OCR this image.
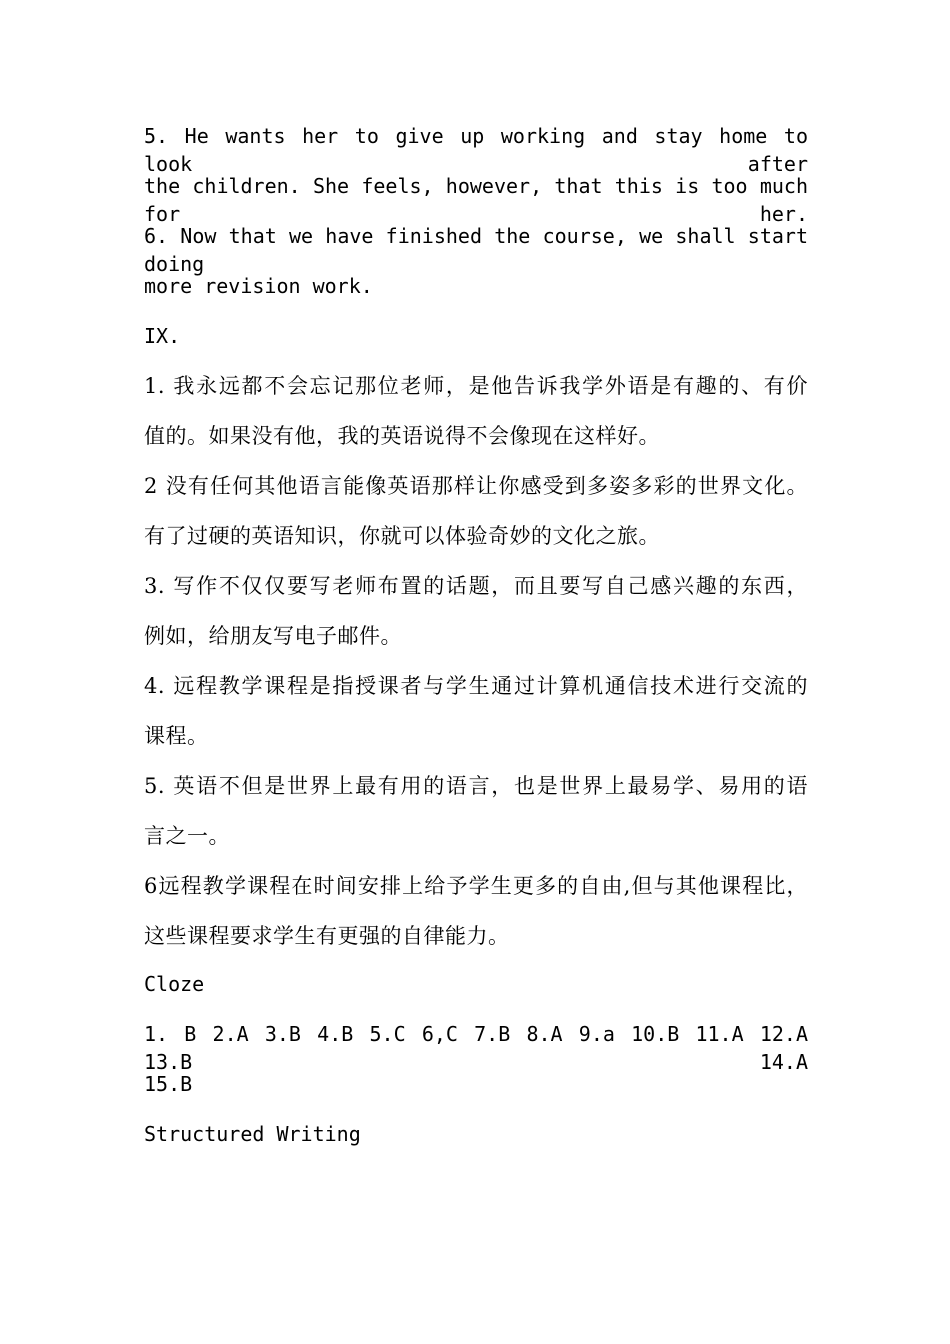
5. He wants her to give up working and stay home to look after
the children. She feels, however, that this is too much for her.
6. Now that we have finished the course, we shall start doing
more revision work.
IX.
1. 我永远都不会忘记那位老师，是他告诉我学外语是有趣的、有价
值的。如果没有他，我的英语说得不会像现在这样好。
2 没有任何其他语言能像英语那样让你感受到多姿多彩的世界文化。
有了过硬的英语知识，你就可以体验奇妙的文化之旅。
3. 写作不仅仅要写老师布置的话题，而且要写自己感兴趣的东西，
例如，给朋友写电子邮件。
4. 远程教学课程是指授课者与学生通过计算机通信技术进行交流的
课程。
5. 英语不但是世界上最有用的语言，也是世界上最易学、易用的语
言之一。
6远程教学课程在时间安排上给予学生更多的自由,但与其他课程比，
这些课程要求学生有更强的自律能力。
Cloze
1. B 2.A 3.B 4.B 5.C 6,C 7.B 8.A 9.a 10.B 11.A 12.A 13.B 14.A
15.B
Structured Writing
